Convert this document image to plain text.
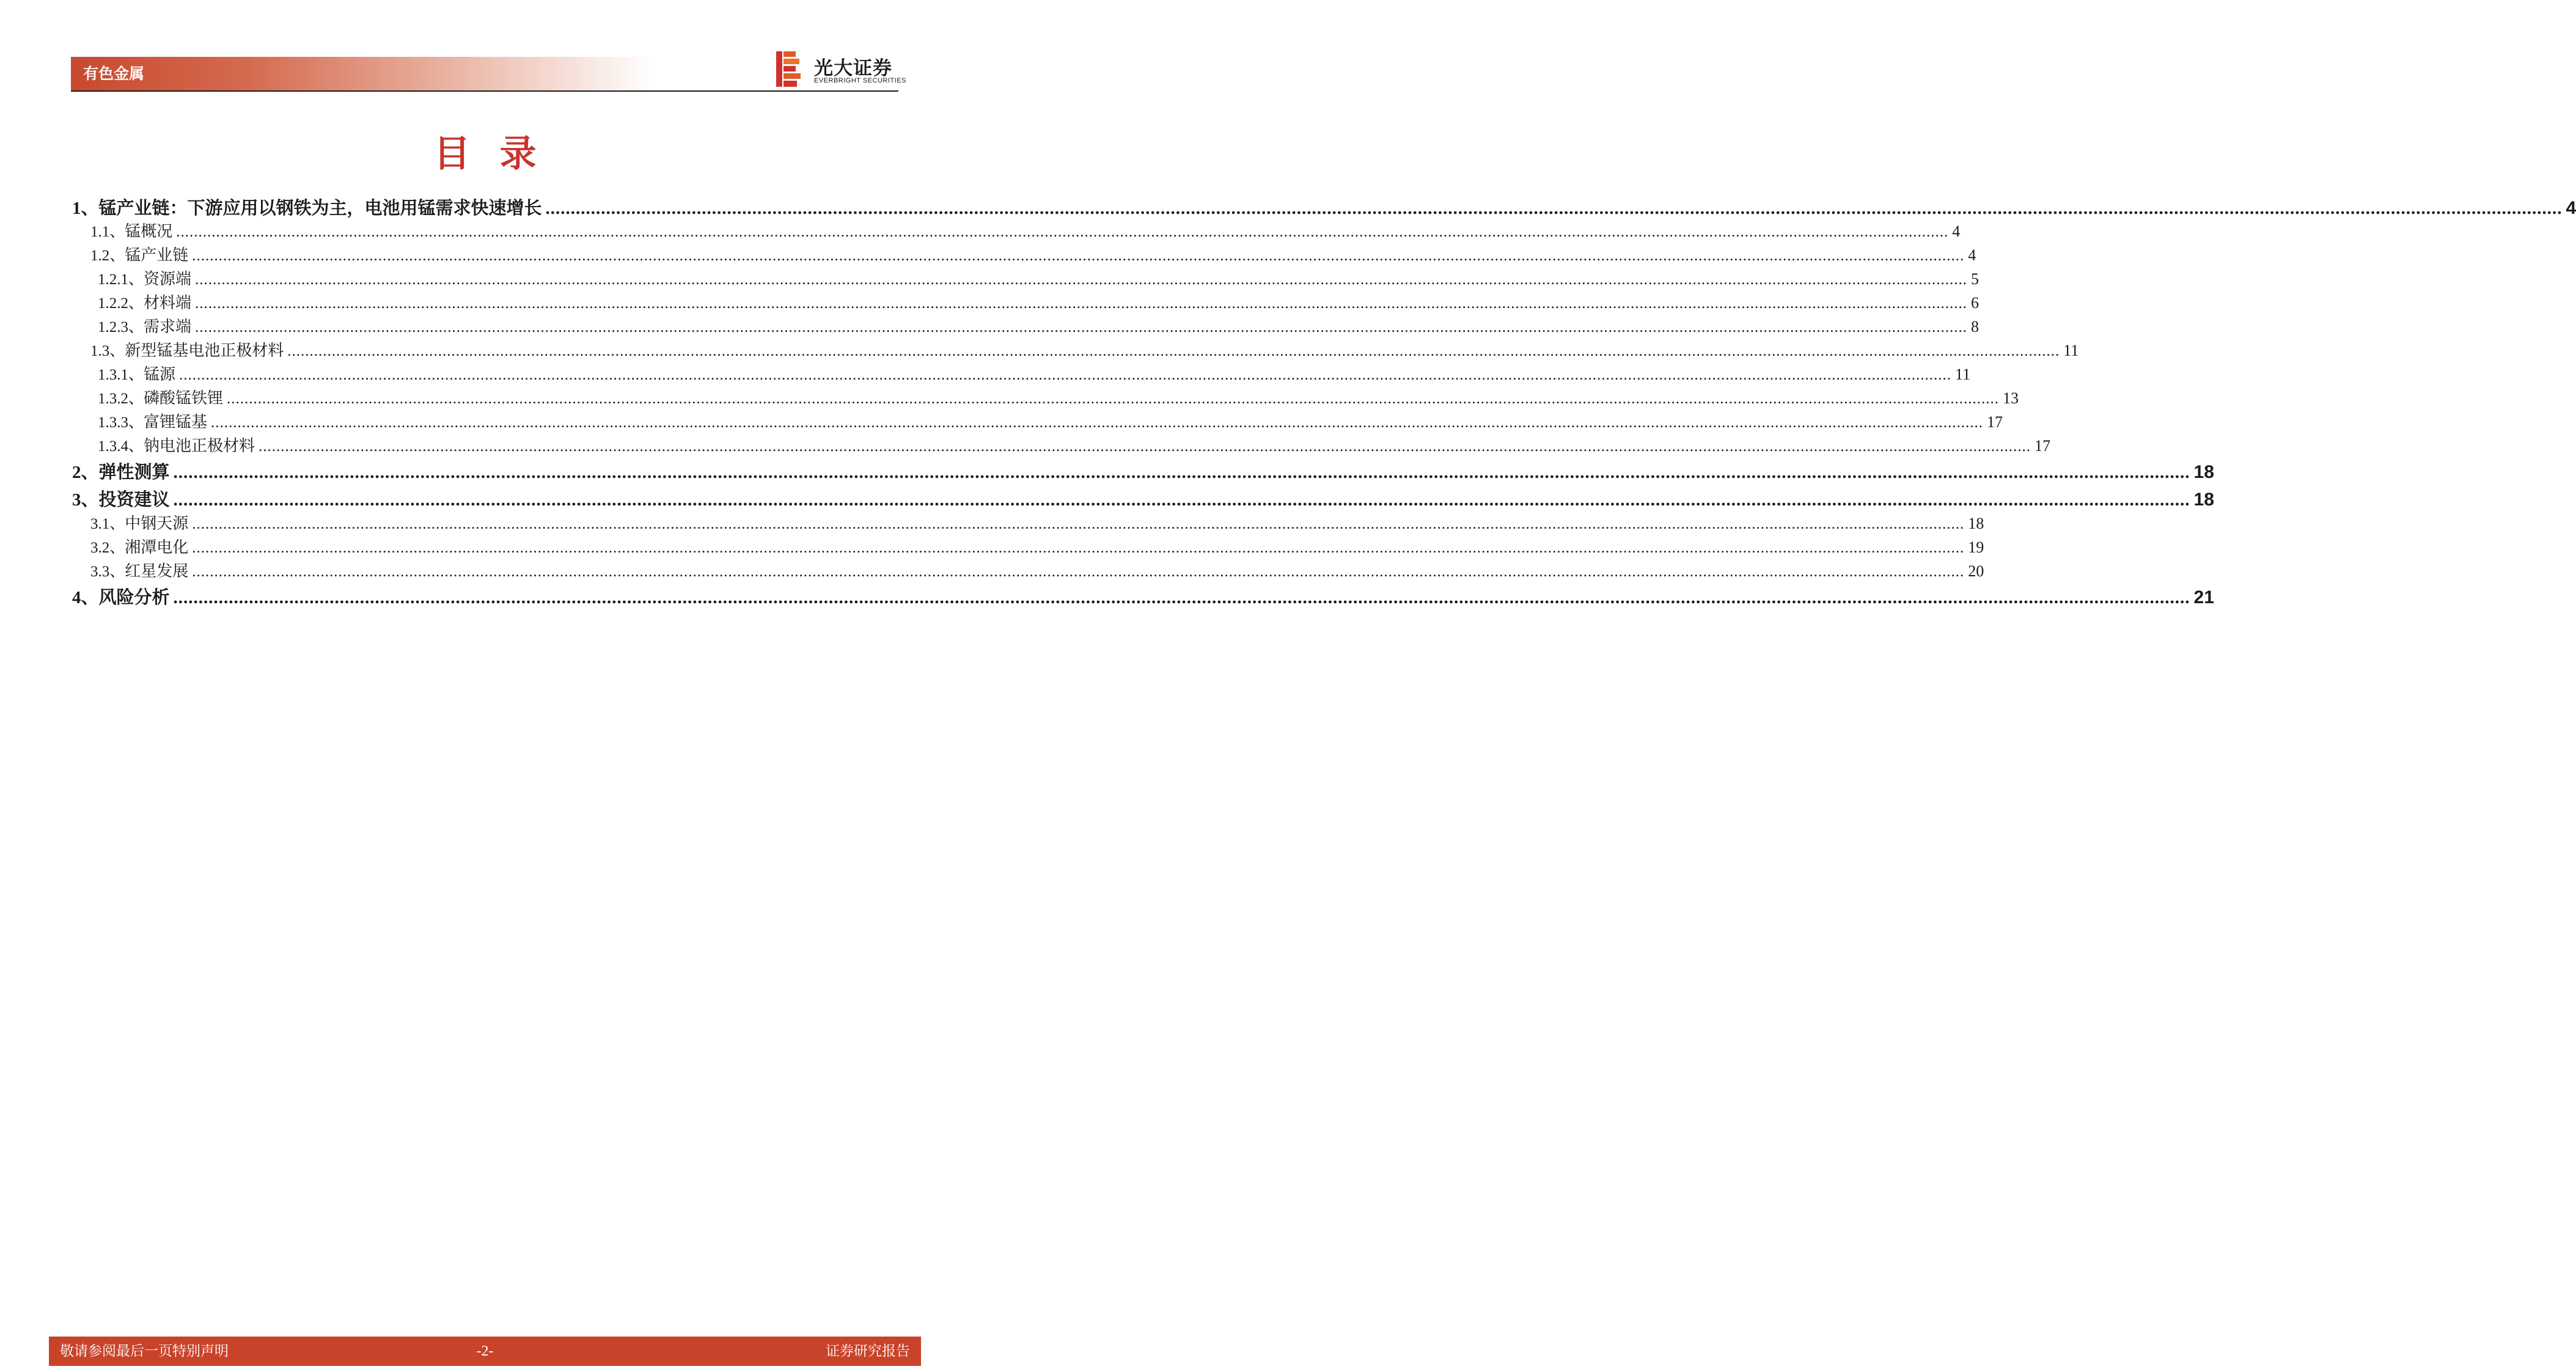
有色金属	光大证券
EVERBRIGHT SECURITIES
目录
1、 锰产业链：下游应用以钢铁为主，电池用锰需求快速增长 ................................................................................................................................................................................................................................................................................................................................................................................................................ 4
1.1、 锰概况 ................................................................................................................................................................................................................................................................................................................................................................................................................ 4
1.2、 锰产业链 ................................................................................................................................................................................................................................................................................................................................................................................................................ 4
1.2.1、 资源端 ................................................................................................................................................................................................................................................................................................................................................................................................................ 5
1.2.2、 材料端 ................................................................................................................................................................................................................................................................................................................................................................................................................ 6
1.2.3、 需求端 ................................................................................................................................................................................................................................................................................................................................................................................................................ 8
1.3、 新型锰基电池正极材料 ................................................................................................................................................................................................................................................................................................................................................................................................................ 11
1.3.1、 锰源 ................................................................................................................................................................................................................................................................................................................................................................................................................ 11
1.3.2、 磷酸锰铁锂 ................................................................................................................................................................................................................................................................................................................................................................................................................ 13
1.3.3、 富锂锰基 ................................................................................................................................................................................................................................................................................................................................................................................................................ 17
1.3.4、 钠电池正极材料 ................................................................................................................................................................................................................................................................................................................................................................................................................ 17
2、 弹性测算 ................................................................................................................................................................................................................................................................................................................................................................................................................ 18
3、 投资建议 ................................................................................................................................................................................................................................................................................................................................................................................................................ 18
3.1、 中钢天源 ................................................................................................................................................................................................................................................................................................................................................................................................................ 18
3.2、 湘潭电化 ................................................................................................................................................................................................................................................................................................................................................................................................................ 19
3.3、 红星发展 ................................................................................................................................................................................................................................................................................................................................................................................................................ 20
4、 风险分析 ................................................................................................................................................................................................................................................................................................................................................................................................................ 21
敬请参阅最后一页特别声明	-2-	证券研究报告
